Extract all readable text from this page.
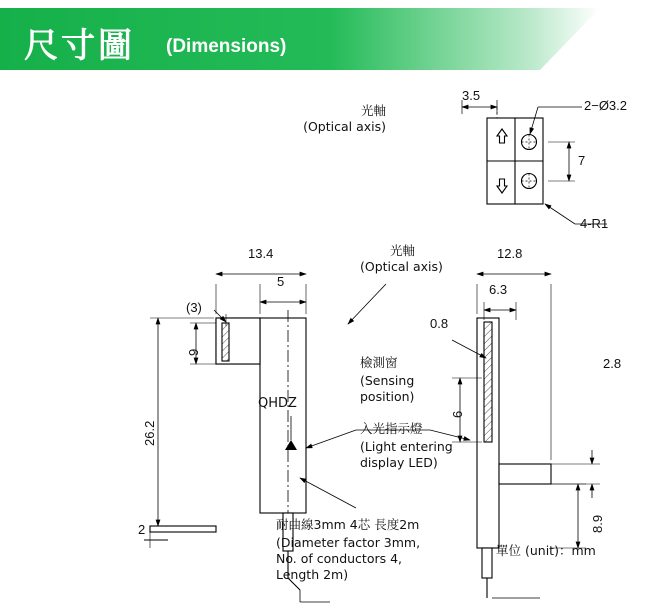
尺寸圖 (Dimensions)
3.5
2−Ø3.2
7
4-R1
光軸
(Optical axis)
13.4
5
(3)
9
26.2
2
QHDZ
光軸
(Optical axis)
檢測窗
(Sensing
position)
入光指示燈
(Light entering
display LED)
耐曲線3mm 4芯 長度2m
(Diameter factor 3mm,
No. of conductors 4,
Length 2m)
12.8
6.3
0.8
6
2.8
8.9
單位 (unit)：mm
